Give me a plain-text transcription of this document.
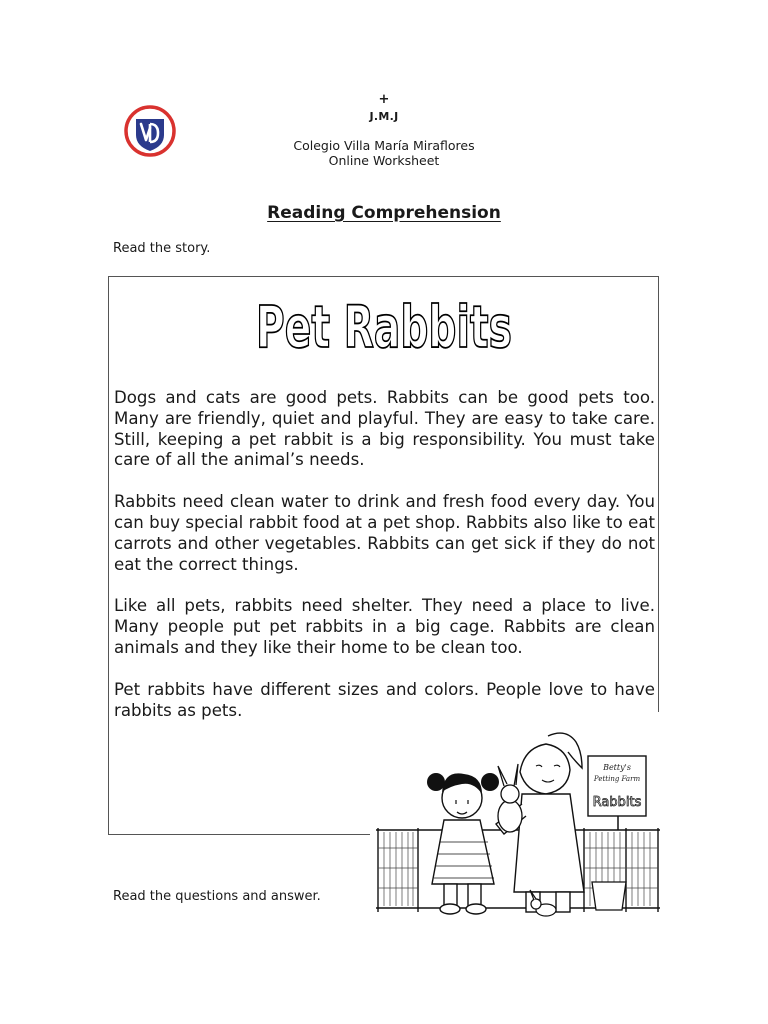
+
J.M.J
Colegio Villa María Miraflores
Online Worksheet
Reading Comprehension
Read the story.
Pet Rabbits

Dogs and cats are good pets. Rabbits can be good pets too. Many are friendly, quiet and playful. They are easy to take care. Still, keeping a pet rabbit is a big responsibility. You must take care of all the animal’s needs.

Rabbits need clean water to drink and fresh food every day. You can buy special rabbit food at a pet shop. Rabbits also like to eat carrots and other vegetables. Rabbits can get sick if they do not eat the correct things.

Like all pets, rabbits need shelter. They need a place to live. Many people put pet rabbits in a big cage. Rabbits are clean animals and they like their home to be clean too.

Pet rabbits have different sizes and colors. People love to have rabbits as pets.

Betty's
Petting Farm
Rabbits
Read the questions and answer.
